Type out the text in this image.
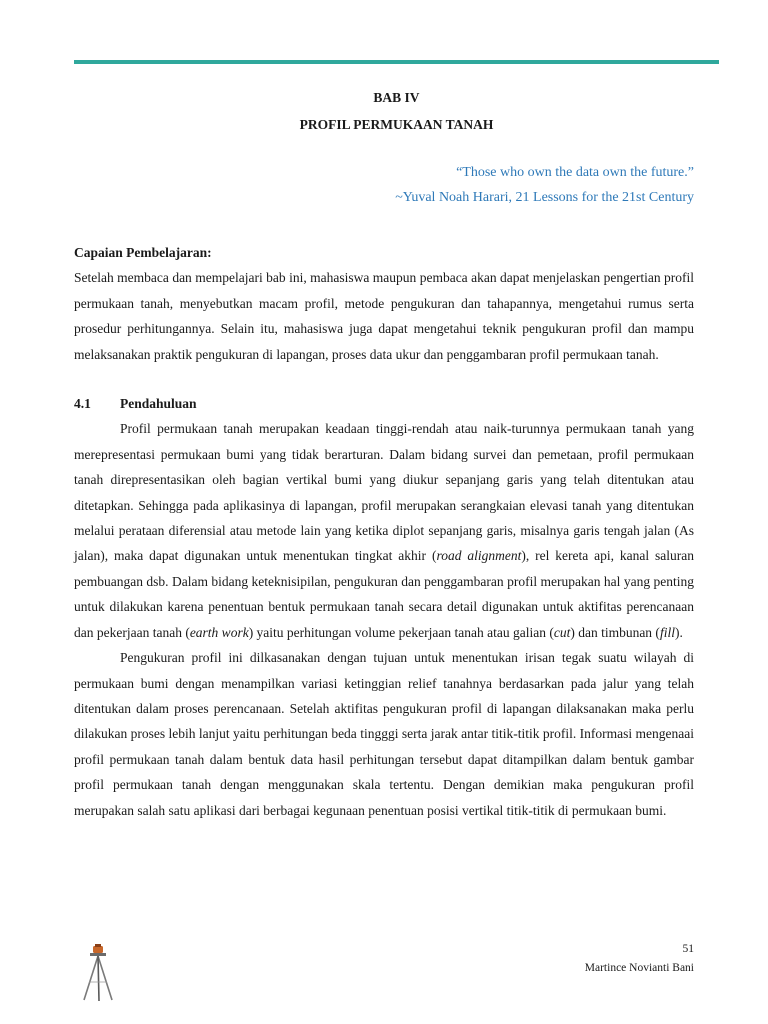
BAB IV
PROFIL PERMUKAAN TANAH
“Those who own the data own the future.”
~Yuval Noah Harari, 21 Lessons for the 21st Century

Capaian Pembelajaran:

Setelah membaca dan mempelajari bab ini, mahasiswa maupun pembaca akan dapat menjelaskan pengertian profil permukaan tanah, menyebutkan macam profil, metode pengukuran dan tahapannya, mengetahui rumus serta prosedur perhitungannya. Selain itu, mahasiswa juga dapat mengetahui teknik pengukuran profil dan mampu melaksanakan praktik pengukuran di lapangan, proses data ukur dan penggambaran profil permukaan tanah.

4.1	Pendahuluan

Profil permukaan tanah merupakan keadaan tinggi-rendah atau naik-turunnya permukaan tanah yang merepresentasi permukaan bumi yang tidak berarturan. Dalam bidang survei dan pemetaan, profil permukaan tanah direpresentasikan oleh bagian vertikal bumi yang diukur sepanjang garis yang telah ditentukan atau ditetapkan. Sehingga pada aplikasinya di lapangan, profil merupakan serangkaian elevasi tanah yang ditentukan melalui perataan diferensial atau metode lain yang ketika diplot sepanjang garis, misalnya garis tengah jalan (As jalan), maka dapat digunakan untuk menentukan tingkat akhir (road alignment), rel kereta api, kanal saluran pembuangan dsb. Dalam bidang keteknisipilan, pengukuran dan penggambaran profil merupakan hal yang penting untuk dilakukan karena penentuan bentuk permukaan tanah secara detail digunakan untuk aktifitas perencanaan dan pekerjaan tanah (earth work) yaitu perhitungan volume pekerjaan tanah atau galian (cut) dan timbunan (fill).

Pengukuran profil ini dilkasanakan dengan tujuan untuk menentukan irisan tegak suatu wilayah di permukaan bumi dengan menampilkan variasi ketinggian relief tanahnya berdasarkan pada jalur yang telah ditentukan dalam proses perencanaan. Setelah aktifitas pengukuran profil di lapangan dilaksanakan maka perlu dilakukan proses lebih lanjut yaitu perhitungan beda tingggi serta jarak antar titik-titik profil. Informasi mengenaai profil permukaan tanah dalam bentuk data hasil perhitungan tersebut dapat ditampilkan dalam bentuk gambar profil permukaan tanah dengan menggunakan skala tertentu. Dengan demikian maka pengukuran profil merupakan salah satu aplikasi dari berbagai kegunaan penentuan posisi vertikal titik-titik di permukaan bumi.

51
Martince Novianti Bani
